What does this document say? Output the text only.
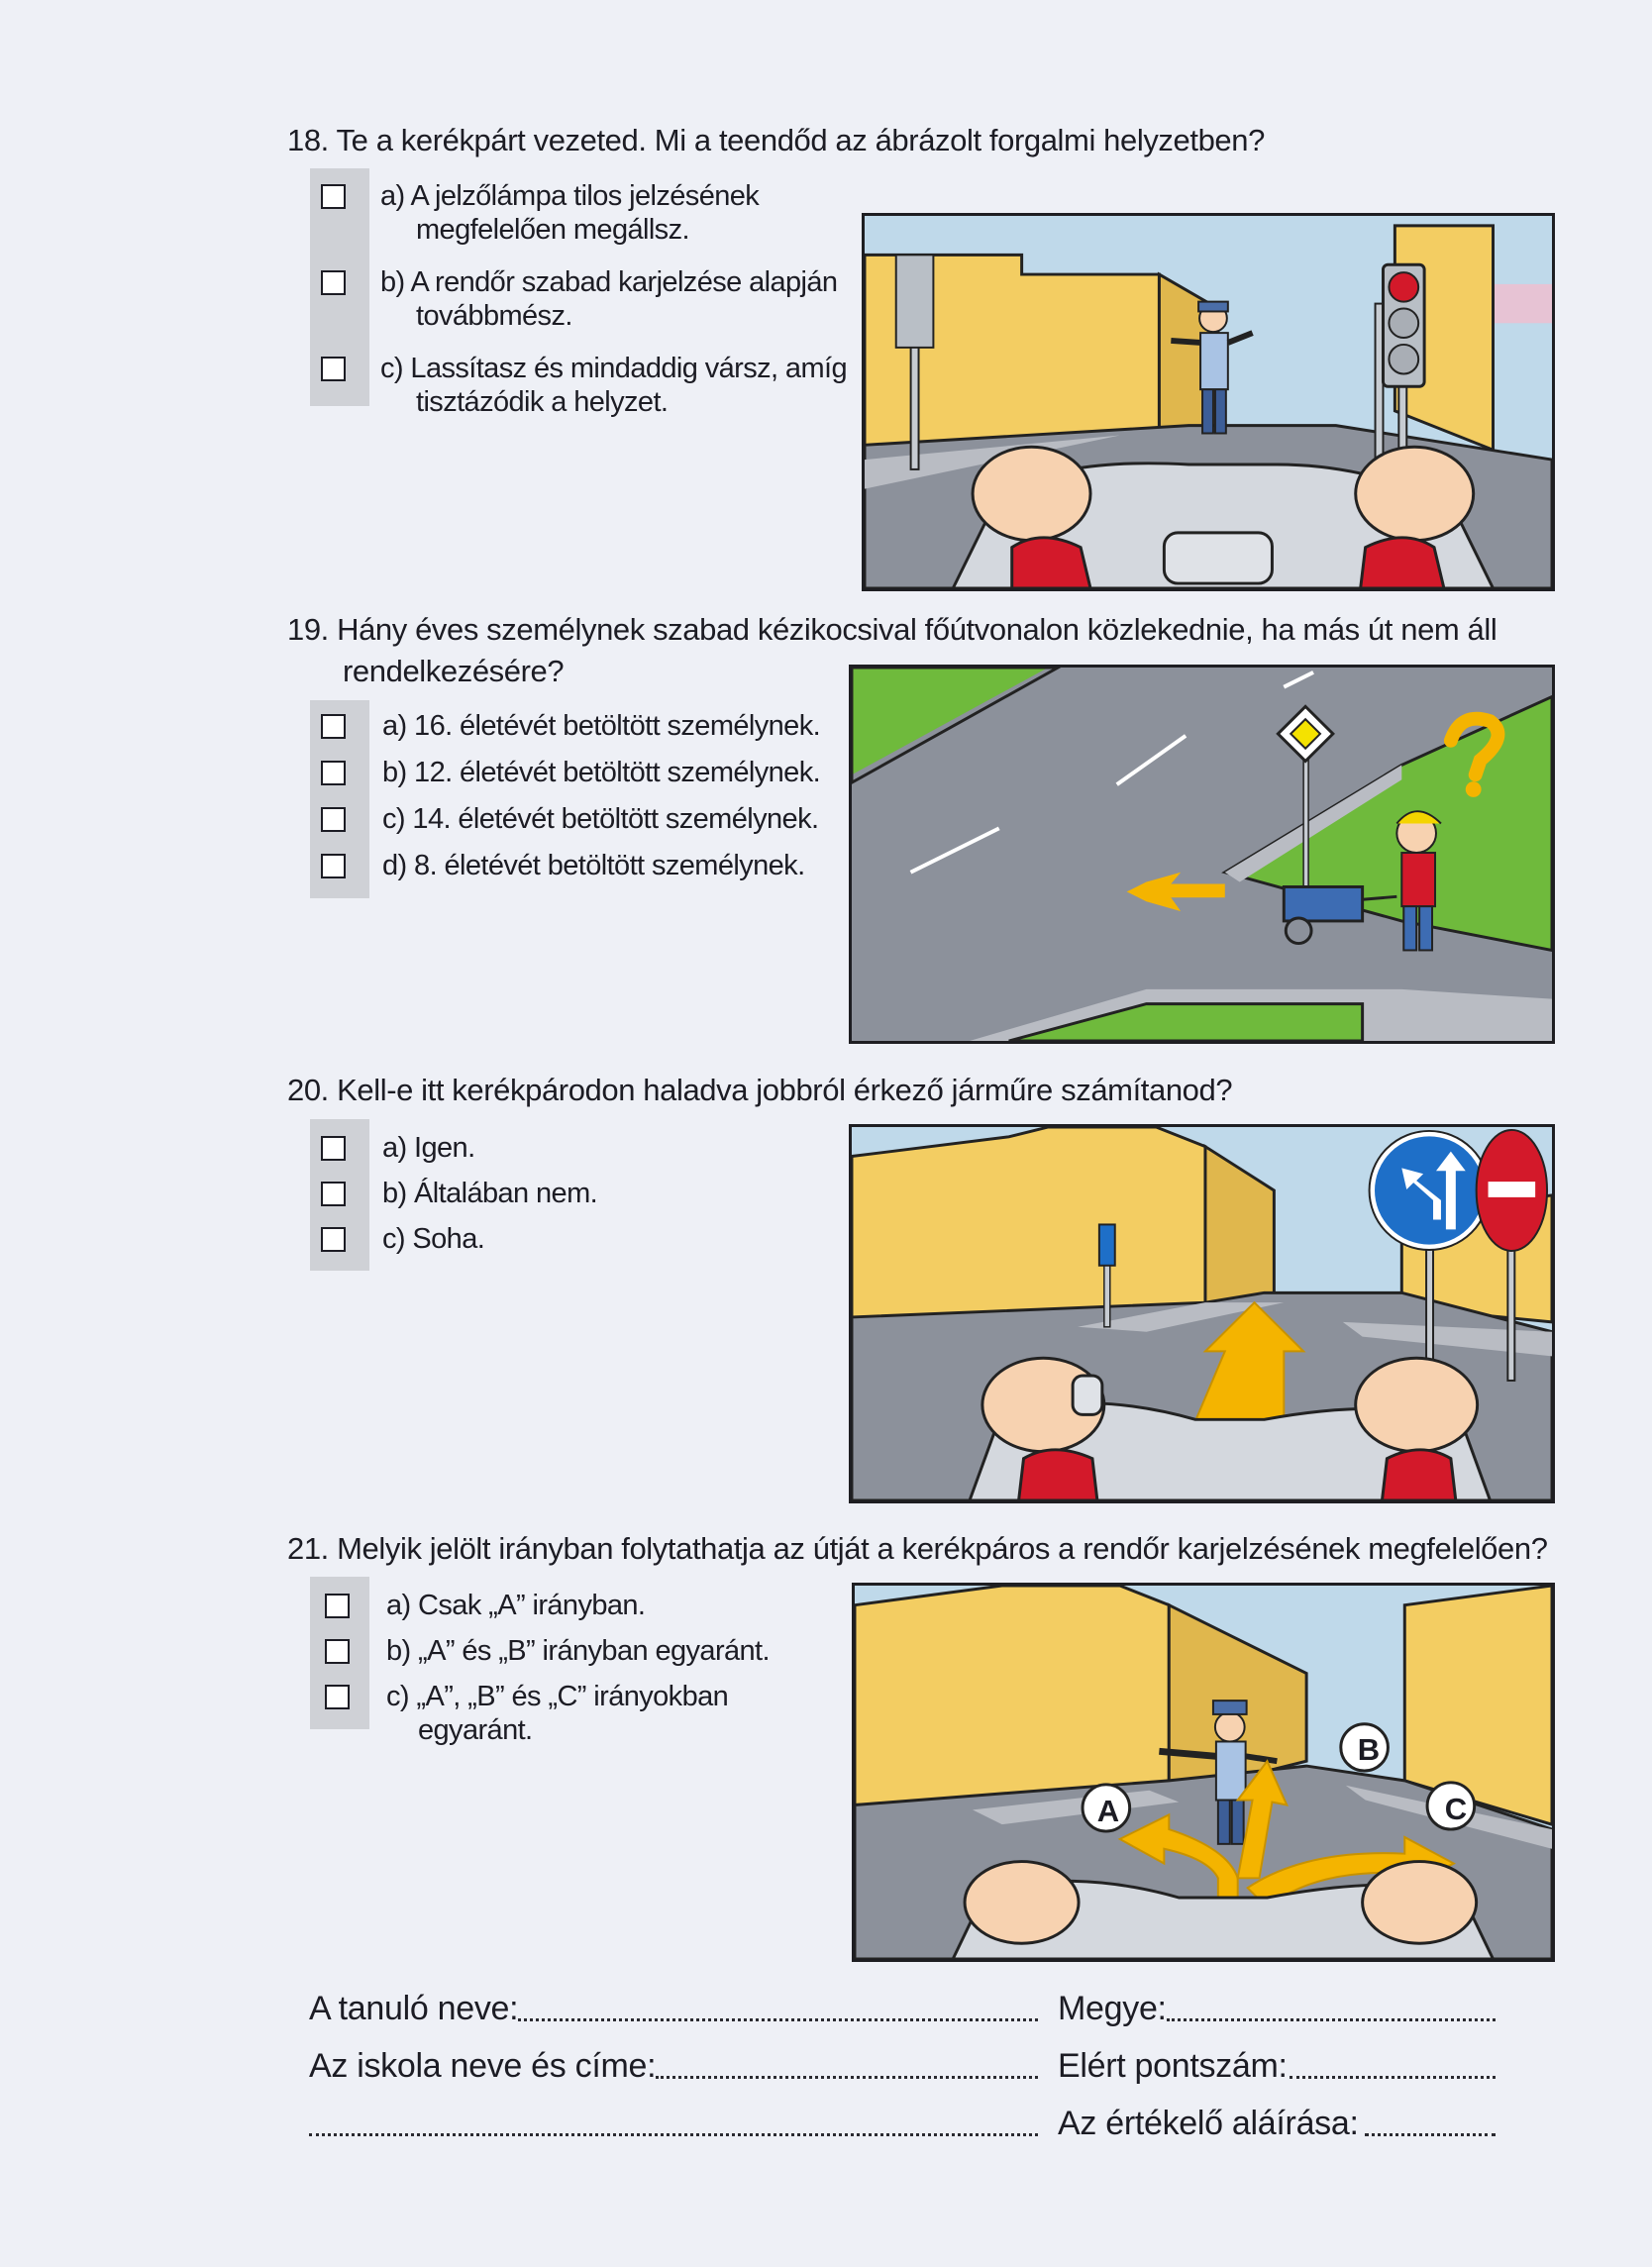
18. Te a kerékpárt vezeted. Mi a teendőd az ábrázolt forgalmi helyzetben?
a) A jelzőlámpa tilos jelzésének
megfelelően megállsz.
b) A rendőr szabad karjelzése alapján
továbbmész.
c) Lassítasz és mindaddig vársz, amíg
tisztázódik a helyzet.
19. Hány éves személynek szabad kézikocsival főútvonalon közlekednie, ha más út nem áll
rendelkezésére?
a) 16. életévét betöltött személynek.
b) 12. életévét betöltött személynek.
c) 14. életévét betöltött személynek.
d) 8. életévét betöltött személynek.
20. Kell-e itt kerékpárodon haladva jobbról érkező járműre számítanod?
a) Igen.
b) Általában nem.
c) Soha.
21. Melyik jelölt irányban folytathatja az útját a kerékpáros a rendőr karjelzésének megfelelően?
a) Csak „A” irányban.
b) „A” és „B” irányban egyaránt.
c) „A”, „B” és „C” irányokban
egyaránt.
A
B
C
A tanuló neve:	Megye:
Az iskola neve és címe:	Elért pontszám:
Az értékelő aláírása:
